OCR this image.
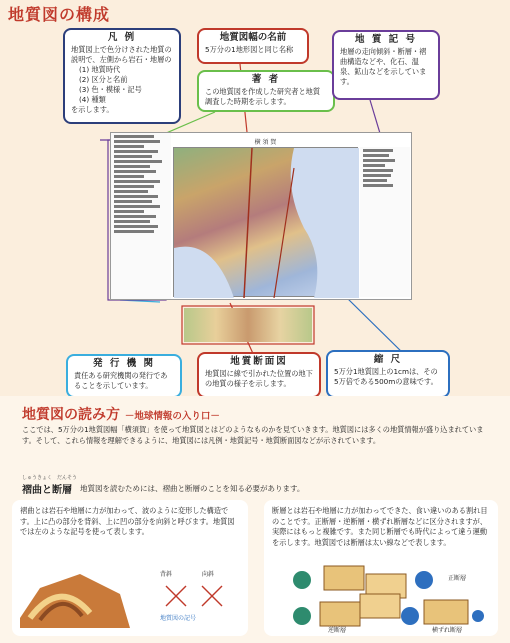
地質図の構成
凡 例
地質図上で色分けされた地質の
説明で、左側から岩石・地層の
(1) 地質時代
(2) 区分と名前
(3) 色・模様・記号
(4) 種類
を示します。
地質図幅の名前
5万分の1地形図と同じ名称
著 者
この地質図を作成した研究者と地質調査した時期を示します。
地 質 記 号
地層の走向傾斜・断層・褶曲構造などや、化石、温泉、鉱山などを示しています。
横 須 賀
発 行 機 関
責任ある研究機関の発行であることを示しています。
地質断面図
地質図に線で引かれた位置の地下の地質の様子を示します。
縮 尺
5万分1地質図上の1cmは、その5万倍である500mの意味です。
地質図の読み方 －地球情報の入り口－
ここでは、5万分の1地質図幅「横須賀」を使って地質図とはどのようなものかを見ていきます。地質図には多くの地質情報が盛り込まれています。そして、これら情報を理解できるように、地質図には凡例・地質記号・地質断面図などが示されています。
しゅうきょく　だんそう
褶曲と断層 地質図を読むためには、褶曲と断層のことを知る必要があります。
褶曲とは岩石や地層に力が加わって、波のように変形した構造です。上に凸の部分を背斜、上に凹の部分を向斜と呼びます。地質図では左のような記号を使って表します。
背斜	向斜
地質図の記号
断層とは岩石や地層に力が加わってできた、食い違いのある割れ目のことです。正断層・逆断層・横ずれ断層などに区分されますが、実際にはもっと複雑です。また同じ断層でも時代によって違う運動を示します。地質図では断層は太い線などで表します。
正断層
逆断層	横ずれ断層
